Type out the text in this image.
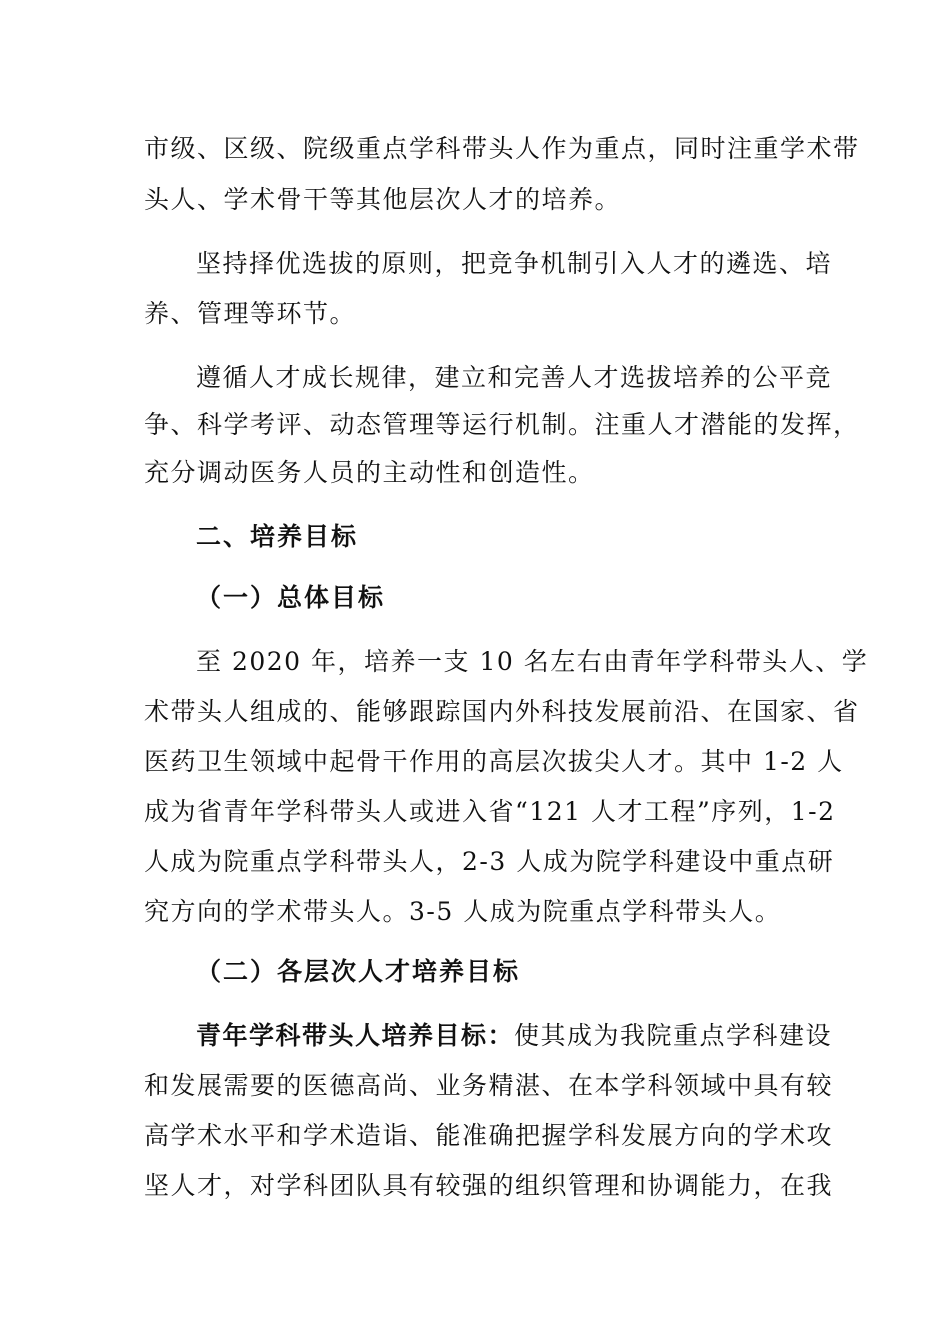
市级、区级、院级重点学科带头人作为重点，同时注重学术带
头人、学术骨干等其他层次人才的培养。
坚持择优选拔的原则，把竞争机制引入人才的遴选、培
养、管理等环节。
遵循人才成长规律，建立和完善人才选拔培养的公平竞
争、科学考评、动态管理等运行机制。注重人才潜能的发挥，
充分调动医务人员的主动性和创造性。
二、培养目标
（一）总体目标
至 2020 年，培养一支 10 名左右由青年学科带头人、学
术带头人组成的、能够跟踪国内外科技发展前沿、在国家、省
医药卫生领域中起骨干作用的高层次拔尖人才。其中 1-2 人
成为省青年学科带头人或进入省“121 人才工程”序列，1-2
人成为院重点学科带头人，2-3 人成为院学科建设中重点研
究方向的学术带头人。3-5 人成为院重点学科带头人。
（二）各层次人才培养目标
青年学科带头人培养目标：使其成为我院重点学科建设
和发展需要的医德高尚、业务精湛、在本学科领域中具有较
高学术水平和学术造诣、能准确把握学科发展方向的学术攻
坚人才，对学科团队具有较强的组织管理和协调能力，在我
